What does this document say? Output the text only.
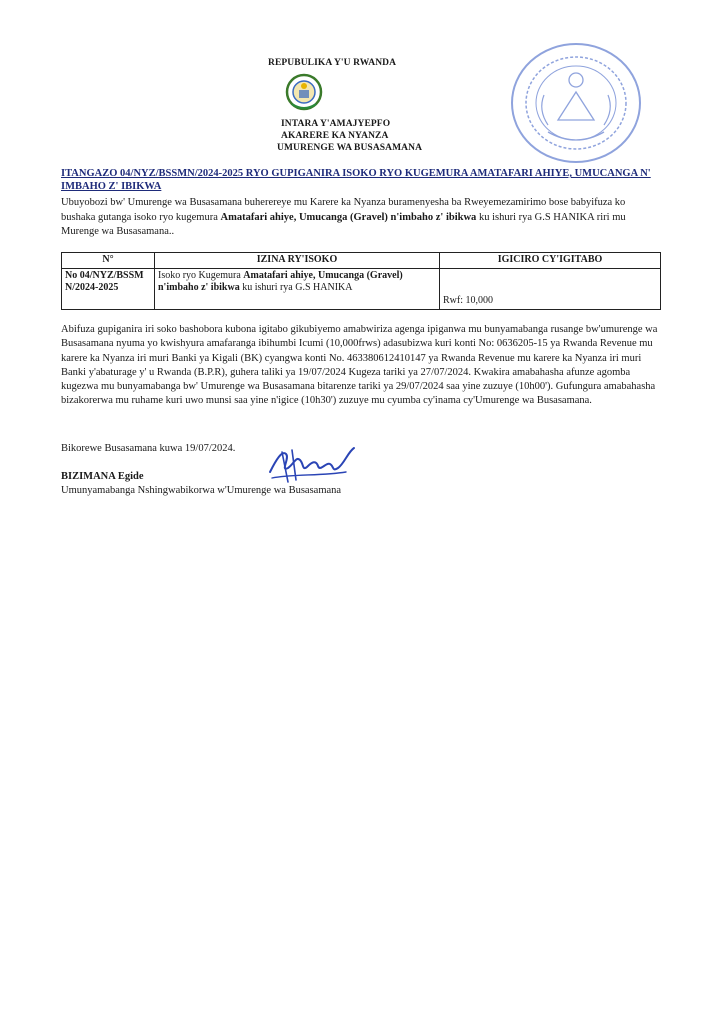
REPUBULIKA Y'U RWANDA
INTARA Y'AMAJYEPFO
AKARERE KA NYANZA
UMURENGE WA BUSASAMANA
ITANGAZO 04/NYZ/BSSMN/2024-2025 RYO GUPIGANIRA ISOKO RYO KUGEMURA AMATAFARI AHIYE, UMUCANGA N' IMBAHO Z' IBIKWA
Ubuyobozi bw' Umurenge wa Busasamana buherereye mu Karere ka Nyanza buramenyesha ba Rweyemezamirimo bose babyifuza ko bushaka gutanga isoko ryo kugemura Amatafari ahiye, Umucanga (Gravel) n'imbaho z' ibikwa ku ishuri rya G.S HANIKA riri mu Murenge wa Busasamana..
N°	IZINA RY'ISOKO	IGICIRO CY'IGITABO
No 04/NYZ/BSSM N/2024-2025	Isoko ryo Kugemura Amatafari ahiye, Umucanga (Gravel) n'imbaho z' ibikwa ku ishuri rya G.S HANIKA	Rwf: 10,000
Abifuza gupiganira iri soko bashobora kubona igitabo gikubiyemo amabwiriza agenga ipiganwa mu bunyamabanga rusange bw'umurenge wa Busasamana nyuma yo kwishyura amafaranga ibihumbi Icumi (10,000frws) adasubizwa kuri konti No: 0636205-15 ya Rwanda Revenue mu karere ka Nyanza iri muri Banki ya Kigali (BK) cyangwa konti No. 463380612410147 ya Rwanda Revenue mu karere ka Nyanza iri muri Banki y'abaturage y' u Rwanda (B.P.R), guhera taliki ya 19/07/2024 Kugeza tariki ya 27/07/2024. Kwakira amabahasha afunze agomba kugezwa mu bunyamabanga bw' Umurenge wa Busasamana bitarenze tariki ya 29/07/2024 saa yine zuzuye (10h00'). Gufungura amabahasha bizakorerwa mu ruhame kuri uwo munsi saa yine n'igice (10h30') zuzuye mu cyumba cy'inama cy'Umurenge wa Busasamana.
Bikorewe Busasamana kuwa 19/07/2024.
BIZIMANA Egide
Umunyamabanga Nshingwabikorwa w'Umurenge wa Busasamana
